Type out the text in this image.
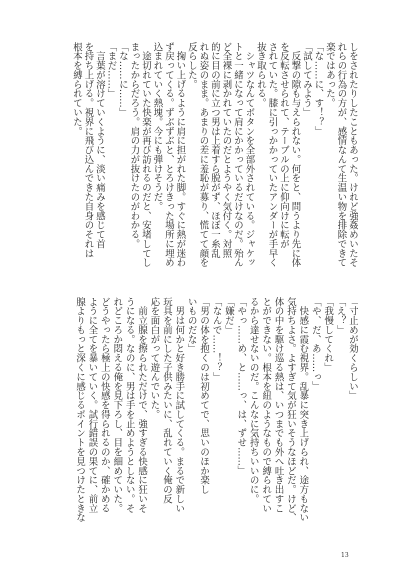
しをされたりしたこともあった。けれど強姦めいたそ
れらの行為の方が、感情なんて生温い物を排除できて
楽ではあった。
「な……に、す！？」
「試してみよう」
　反撃の隙も与えられない。何をと、問うより先に体
を反転させられて、テーブルの上に仰向けに転が
されていた。膝に引っかかっていたアンダーが手早く
抜き取られる。
　シャツなんてボタンを全部外されている。ジャケッ
トと一緒になって肩にかかっているだけなのだ。殆ん
ど全裸に剥かれていたのだとようやく気付く。対照
的に目の前に立つ男は上着すら脱がず、ほぼ一糸乱
れぬ姿のまま。あまりの差に羞恥が募り、慌てて顔を
反らした。
　掬い上げるように肩に担がれた脚。すぐに熱が迷わ
ず戻ってくる。ずぶずぶと、とろけきった場所に埋め
込まれていく熱塊。今にも弾けそうだ。
　途切れていた快楽が再び訪れるのだと、安堵してし
まったからだろう。肩の力が抜けたのがわかる。
「な……に……」
「まだ……」
　言葉が溶けていくように、淡い痛みを感じて首
を持ち上げる。視界に飛び込んできた自身のそれは
根本を縛られていた。
「寸止めが効くらしい」
「え？」
「我慢してくれ」
「や、だ、あ……っ」
　快感に霞む視界。乱暴に突き上げられ、途方もない
気持ちよさ。よすぎて気が狂いそうなほどだ。けど、
体の中を駆け巡る熱は、いつまでも外へ吐き出すこ
とができない。根本を紐のようなもので縛られてい
るから達せないのだ。こんなに気持ちいいのに。
「やっ……め、と……っ、は、ずせ……」
「嫌だ」
「なんで……！？」
「男の体を抱くのは初めてで、思いのほか楽し
いものだな」
　男は何かと好き勝手に試してくる。まるで新しい
玩具を前にした子供みたいに、乱れていく俺の反
応を面白がって遊んでいた。
　前立腺を擦られただけで、強すぎる快感に狂いそ
うになる。なのに、男は手を止めようとしない。そ
れどころか悶える俺を見下ろし、目を細めていた。
どうやったら極上の快感を得られるのか、確かめる
ように全てを暴いていく。試行錯誤の果てに、前立
腺よりもっと深くに感じるポイントを見つけたときな
13
